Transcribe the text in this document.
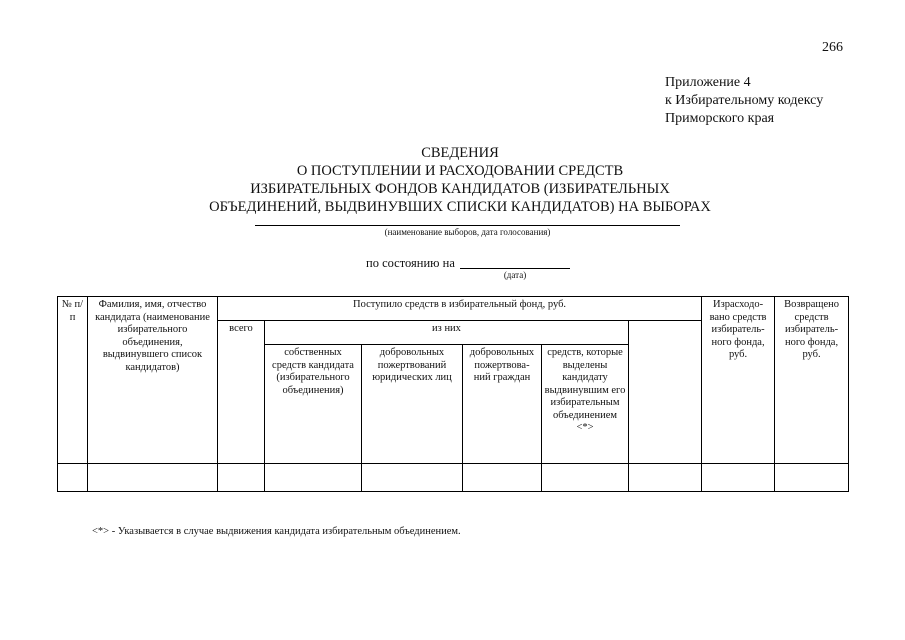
266
Приложение 4
к Избирательному кодексу
Приморского края
СВЕДЕНИЯ
О ПОСТУПЛЕНИИ И РАСХОДОВАНИИ СРЕДСТВ
ИЗБИРАТЕЛЬНЫХ ФОНДОВ КАНДИДАТОВ (ИЗБИРАТЕЛЬНЫХ
ОБЪЕДИНЕНИЙ, ВЫДВИНУВШИХ СПИСКИ КАНДИДАТОВ) НА ВЫБОРАХ
(наименование выборов, дата голосования)
по состоянию на
(дата)
№ п/п	Фамилия, имя, отчество кандидата (наименование избирательного объединения, выдвинувшего список кандидатов)	Поступило средств в избирательный фонд, руб.						Израсходо- вано средств избиратель- ного фонда, руб.	Возвращено средств избиратель- ного фонда, руб.	
		всего	из них							
			собственных средств кандидата (избирательного объединения)	добровольных пожертвований юридических лиц	добровольных пожертвова- ний граждан	средств, которые выделены кандидату выдвинувшим его избирательным объединением <*>				

<*> - Указывается в случае выдвижения кандидата избирательным объединением.
